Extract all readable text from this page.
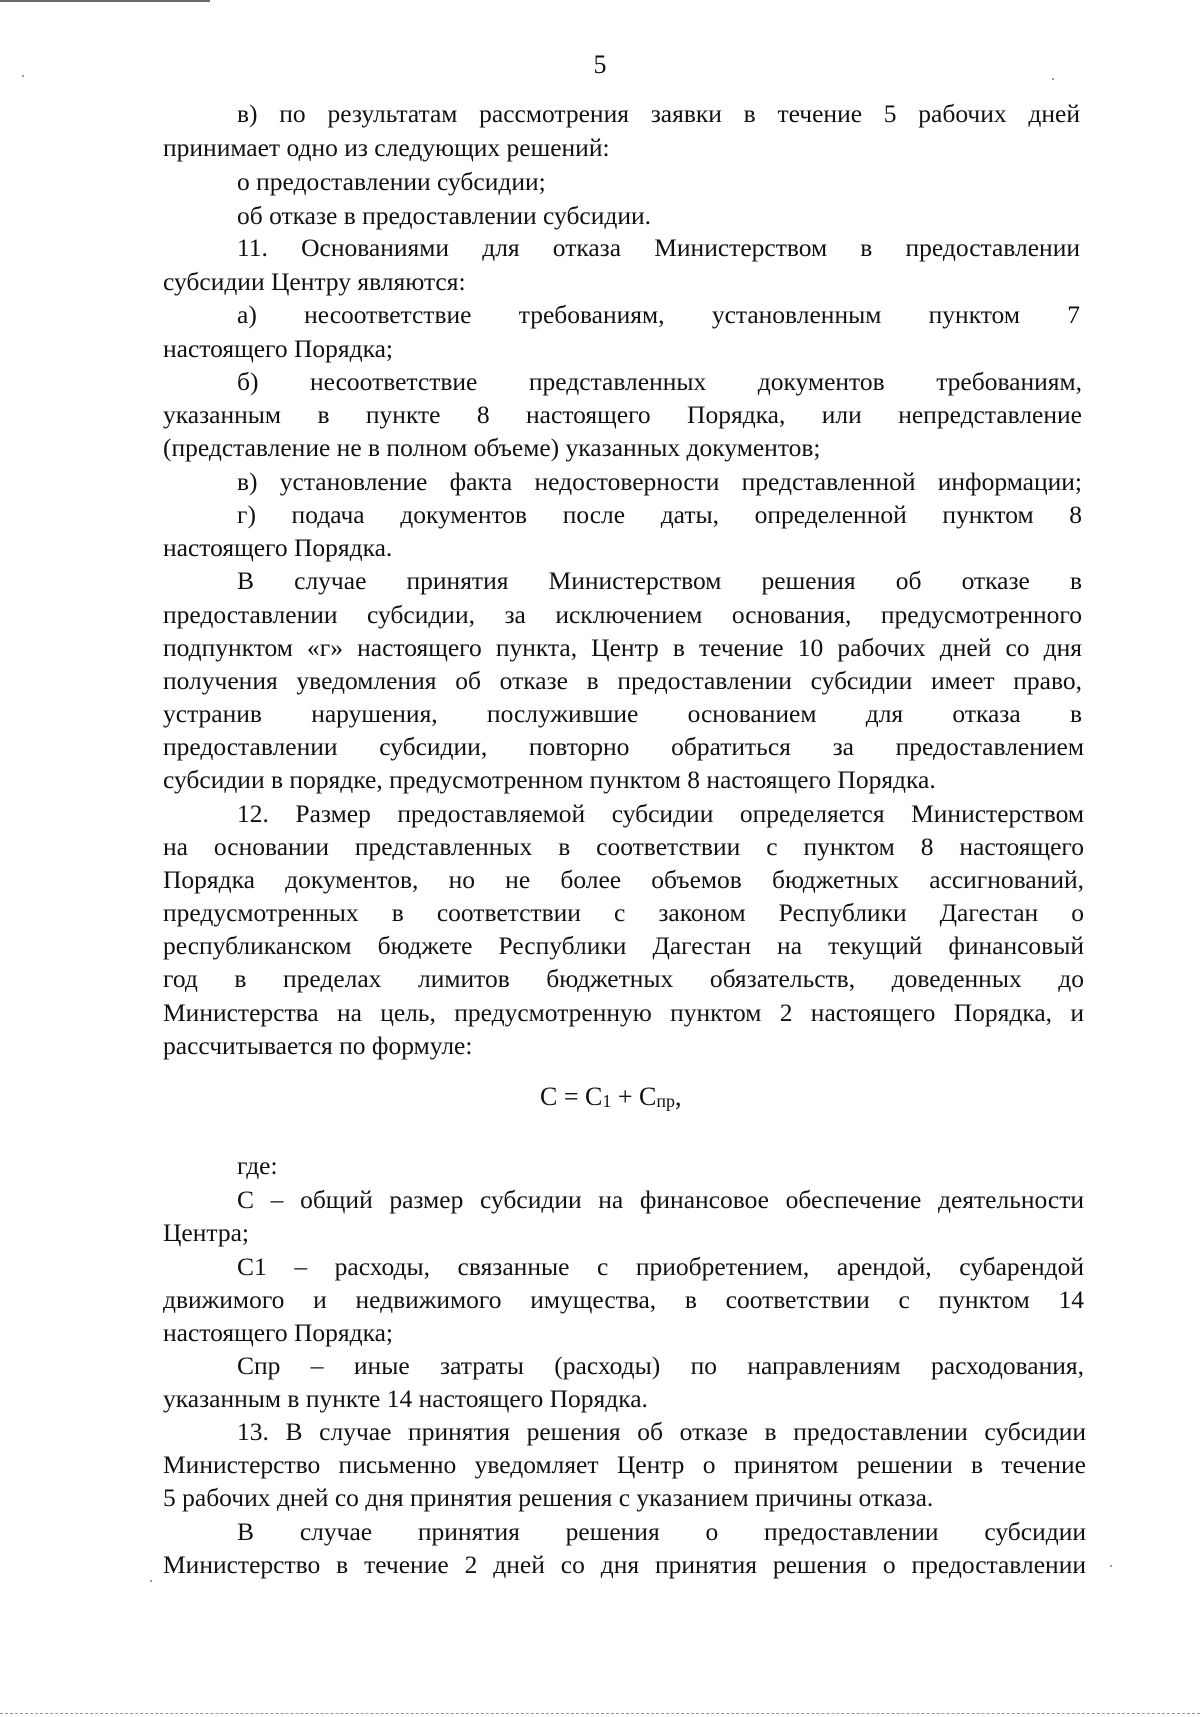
5
в) по результатам рассмотрения заявки в течение 5 рабочих дней
принимает одно из следующих решений:
о предоставлении субсидии;
об отказе в предоставлении субсидии.
11. Основаниями для отказа Министерством в предоставлении
субсидии Центру являются:
а) несоответствие требованиям, установленным пунктом 7
настоящего Порядка;
б) несоответствие представленных документов требованиям,
указанным в пункте 8 настоящего Порядка, или непредставление
(представление не в полном объеме) указанных документов;
в) установление факта недостоверности представленной информации;
г) подача документов после даты, определенной пунктом 8
настоящего Порядка.
В случае принятия Министерством решения об отказе в
предоставлении субсидии, за исключением основания, предусмотренного
подпунктом «г» настоящего пункта, Центр в течение 10 рабочих дней со дня
получения уведомления об отказе в предоставлении субсидии имеет право,
устранив нарушения, послужившие основанием для отказа в
предоставлении субсидии, повторно обратиться за предоставлением
субсидии в порядке, предусмотренном пунктом 8 настоящего Порядка.
12. Размер предоставляемой субсидии определяется Министерством
на основании представленных в соответствии с пунктом 8 настоящего
Порядка документов, но не более объемов бюджетных ассигнований,
предусмотренных в соответствии с законом Республики Дагестан о
республиканском бюджете Республики Дагестан на текущий финансовый
год в пределах лимитов бюджетных обязательств, доведенных до
Министерства на цель, предусмотренную пунктом 2 настоящего Порядка, и
рассчитывается по формуле:
С = С1 + Спр,
где:
С – общий размер субсидии на финансовое обеспечение деятельности
Центра;
С1 – расходы, связанные с приобретением, арендой, субарендой
движимого и недвижимого имущества, в соответствии с пунктом 14
настоящего Порядка;
Спр – иные затраты (расходы) по направлениям расходования,
указанным в пункте 14 настоящего Порядка.
13. В случае принятия решения об отказе в предоставлении субсидии
Министерство письменно уведомляет Центр о принятом решении в течение
5 рабочих дней со дня принятия решения с указанием причины отказа.
В случае принятия решения о предоставлении субсидии
Министерство в течение 2 дней со дня принятия решения о предоставлении
